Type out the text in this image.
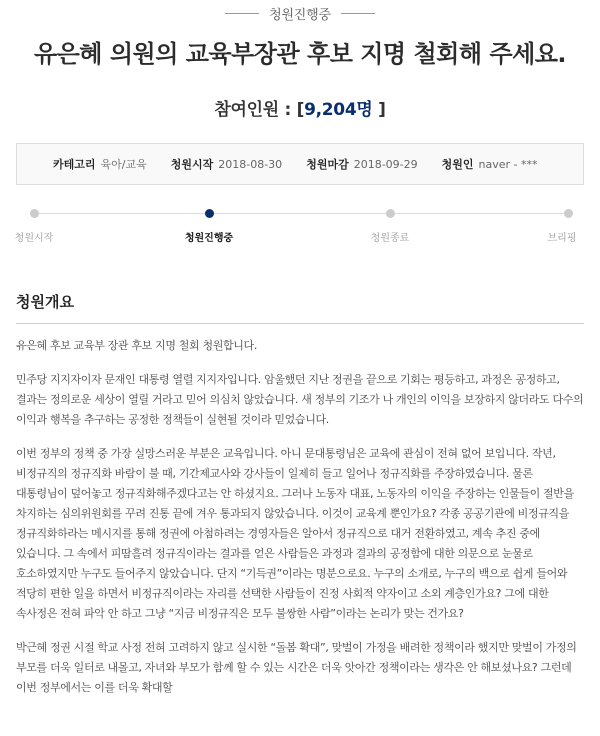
청원진행중
유은혜 의원의 교육부장관 후보 지명 철회해 주세요.
참여인원 : [9,204명 ]
카테고리 육아/교육 청원시작 2018-08-30 청원마감 2018-09-29 청원인 naver - ***
청원시작	청원진행중	청원종료	브리핑
청원개요

유은혜 후보 교육부 장관 후보 지명 철회 청원합니다.

민주당 지지자이자 문재인 대통령 열렬 지지자입니다. 암울했던 지난 정권을 끝으로 기회는 평등하고, 과정은 공정하고, 결과는 정의로운 세상이 열릴 거라고 믿어 의심치 않았습니다. 새 정부의 기조가 나 개인의 이익을 보장하지 않더라도 다수의 이익과 행복을 추구하는 공정한 정책들이 실현될 것이라 믿었습니다.

이번 정부의 정책 중 가장 실망스러운 부분은 교육입니다. 아니 문대통령님은 교육에 관심이 전혀 없어 보입니다. 작년, 비정규직의 정규직화 바람이 불 때, 기간제교사와 강사들이 일제히 들고 일어나 정규직화를 주장하였습니다. 물론 대통령님이 덮어놓고 정규직화해주겠다고는 안 하셨지요. 그러나 노동자 대표, 노동자의 이익을 주장하는 인물들이 절반을 차지하는 심의위원회를 꾸려 진통 끝에 겨우 통과되지 않았습니다. 이것이 교육계 뿐인가요? 각종 공공기관에 비정규직을 정규직화하라는 메시지를 통해 정권에 아첨하려는 경영자들은 알아서 정규직으로 대거 전환하였고, 계속 추진 중에 있습니다. 그 속에서 피땀흘려 정규직이라는 결과를 얻은 사람들은 과정과 결과의 공정함에 대한 의문으로 눈물로 호소하였지만 누구도 들어주지 않았습니다. 단지 “기득권”이라는 명분으로요. 누구의 소개로, 누구의 백으로 쉽게 들어와 적당히 편한 일을 하면서 비정규직이라는 자리를 선택한 사람들이 진정 사회적 약자이고 소외 계층인가요? 그에 대한 속사정은 전혀 파악 안 하고 그냥 “지금 비정규직은 모두 불쌍한 사람”이라는 논리가 맞는 건가요?

박근혜 정권 시절 학교 사정 전혀 고려하지 않고 실시한 “돌봄 확대”, 맞벌이 가정을 배려한 정책이라 했지만 맞벌이 가정의 부모를 더욱 일터로 내몰고, 자녀와 부모가 함께 할 수 있는 시간은 더욱 앗아간 정책이라는 생각은 안 해보셨나요? 그런데 이번 정부에서는 이를 더욱 확대할
